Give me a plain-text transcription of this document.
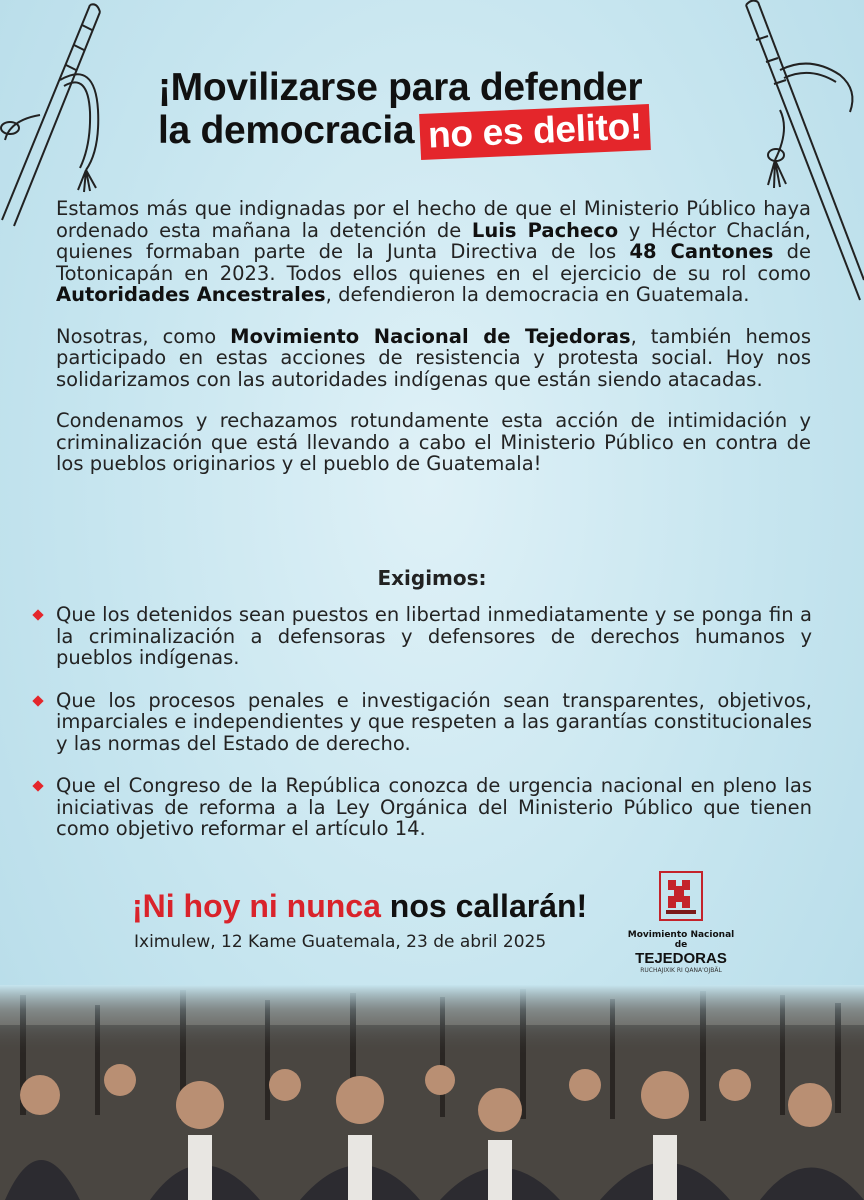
¡Movilizarse para defender
la democracia no es delito!

Estamos más que indignadas por el hecho de que el Ministerio Público haya ordenado esta mañana la detención de Luis Pacheco y Héctor Chaclán, quienes formaban parte de la Junta Directiva de los 48 Cantones de Totonicapán en 2023. Todos ellos quienes en el ejercicio de su rol como Autoridades Ancestrales, defendieron la democracia en Guatemala.

Nosotras, como Movimiento Nacional de Tejedoras, también hemos participado en estas acciones de resistencia y protesta social. Hoy nos solidarizamos con las autoridades indígenas que están siendo atacadas.

Condenamos y rechazamos rotundamente esta acción de intimidación y criminalización que está llevando a cabo el Ministerio Público en contra de los pueblos originarios y el pueblo de Guatemala!

Exigimos:
Que los detenidos sean puestos en libertad inmediatamente y se ponga fin a la criminalización a defensoras y defensores de derechos humanos y pueblos indígenas.
Que los procesos penales e investigación sean transparentes, objetivos, imparciales e independientes y que respeten a las garantías constitucionales y las normas del Estado de derecho.
Que el Congreso de la República conozca de urgencia nacional en pleno las iniciativas de reforma a la Ley Orgánica del Ministerio Público que tienen como objetivo reformar el artículo 14.
¡Ni hoy ni nunca nos callarán!
Iximulew, 12 Kame Guatemala, 23 de abril 2025	Movimiento Nacional de
TEJEDORAS
RUCHAJIXIK RI QANA'OJBÄL
